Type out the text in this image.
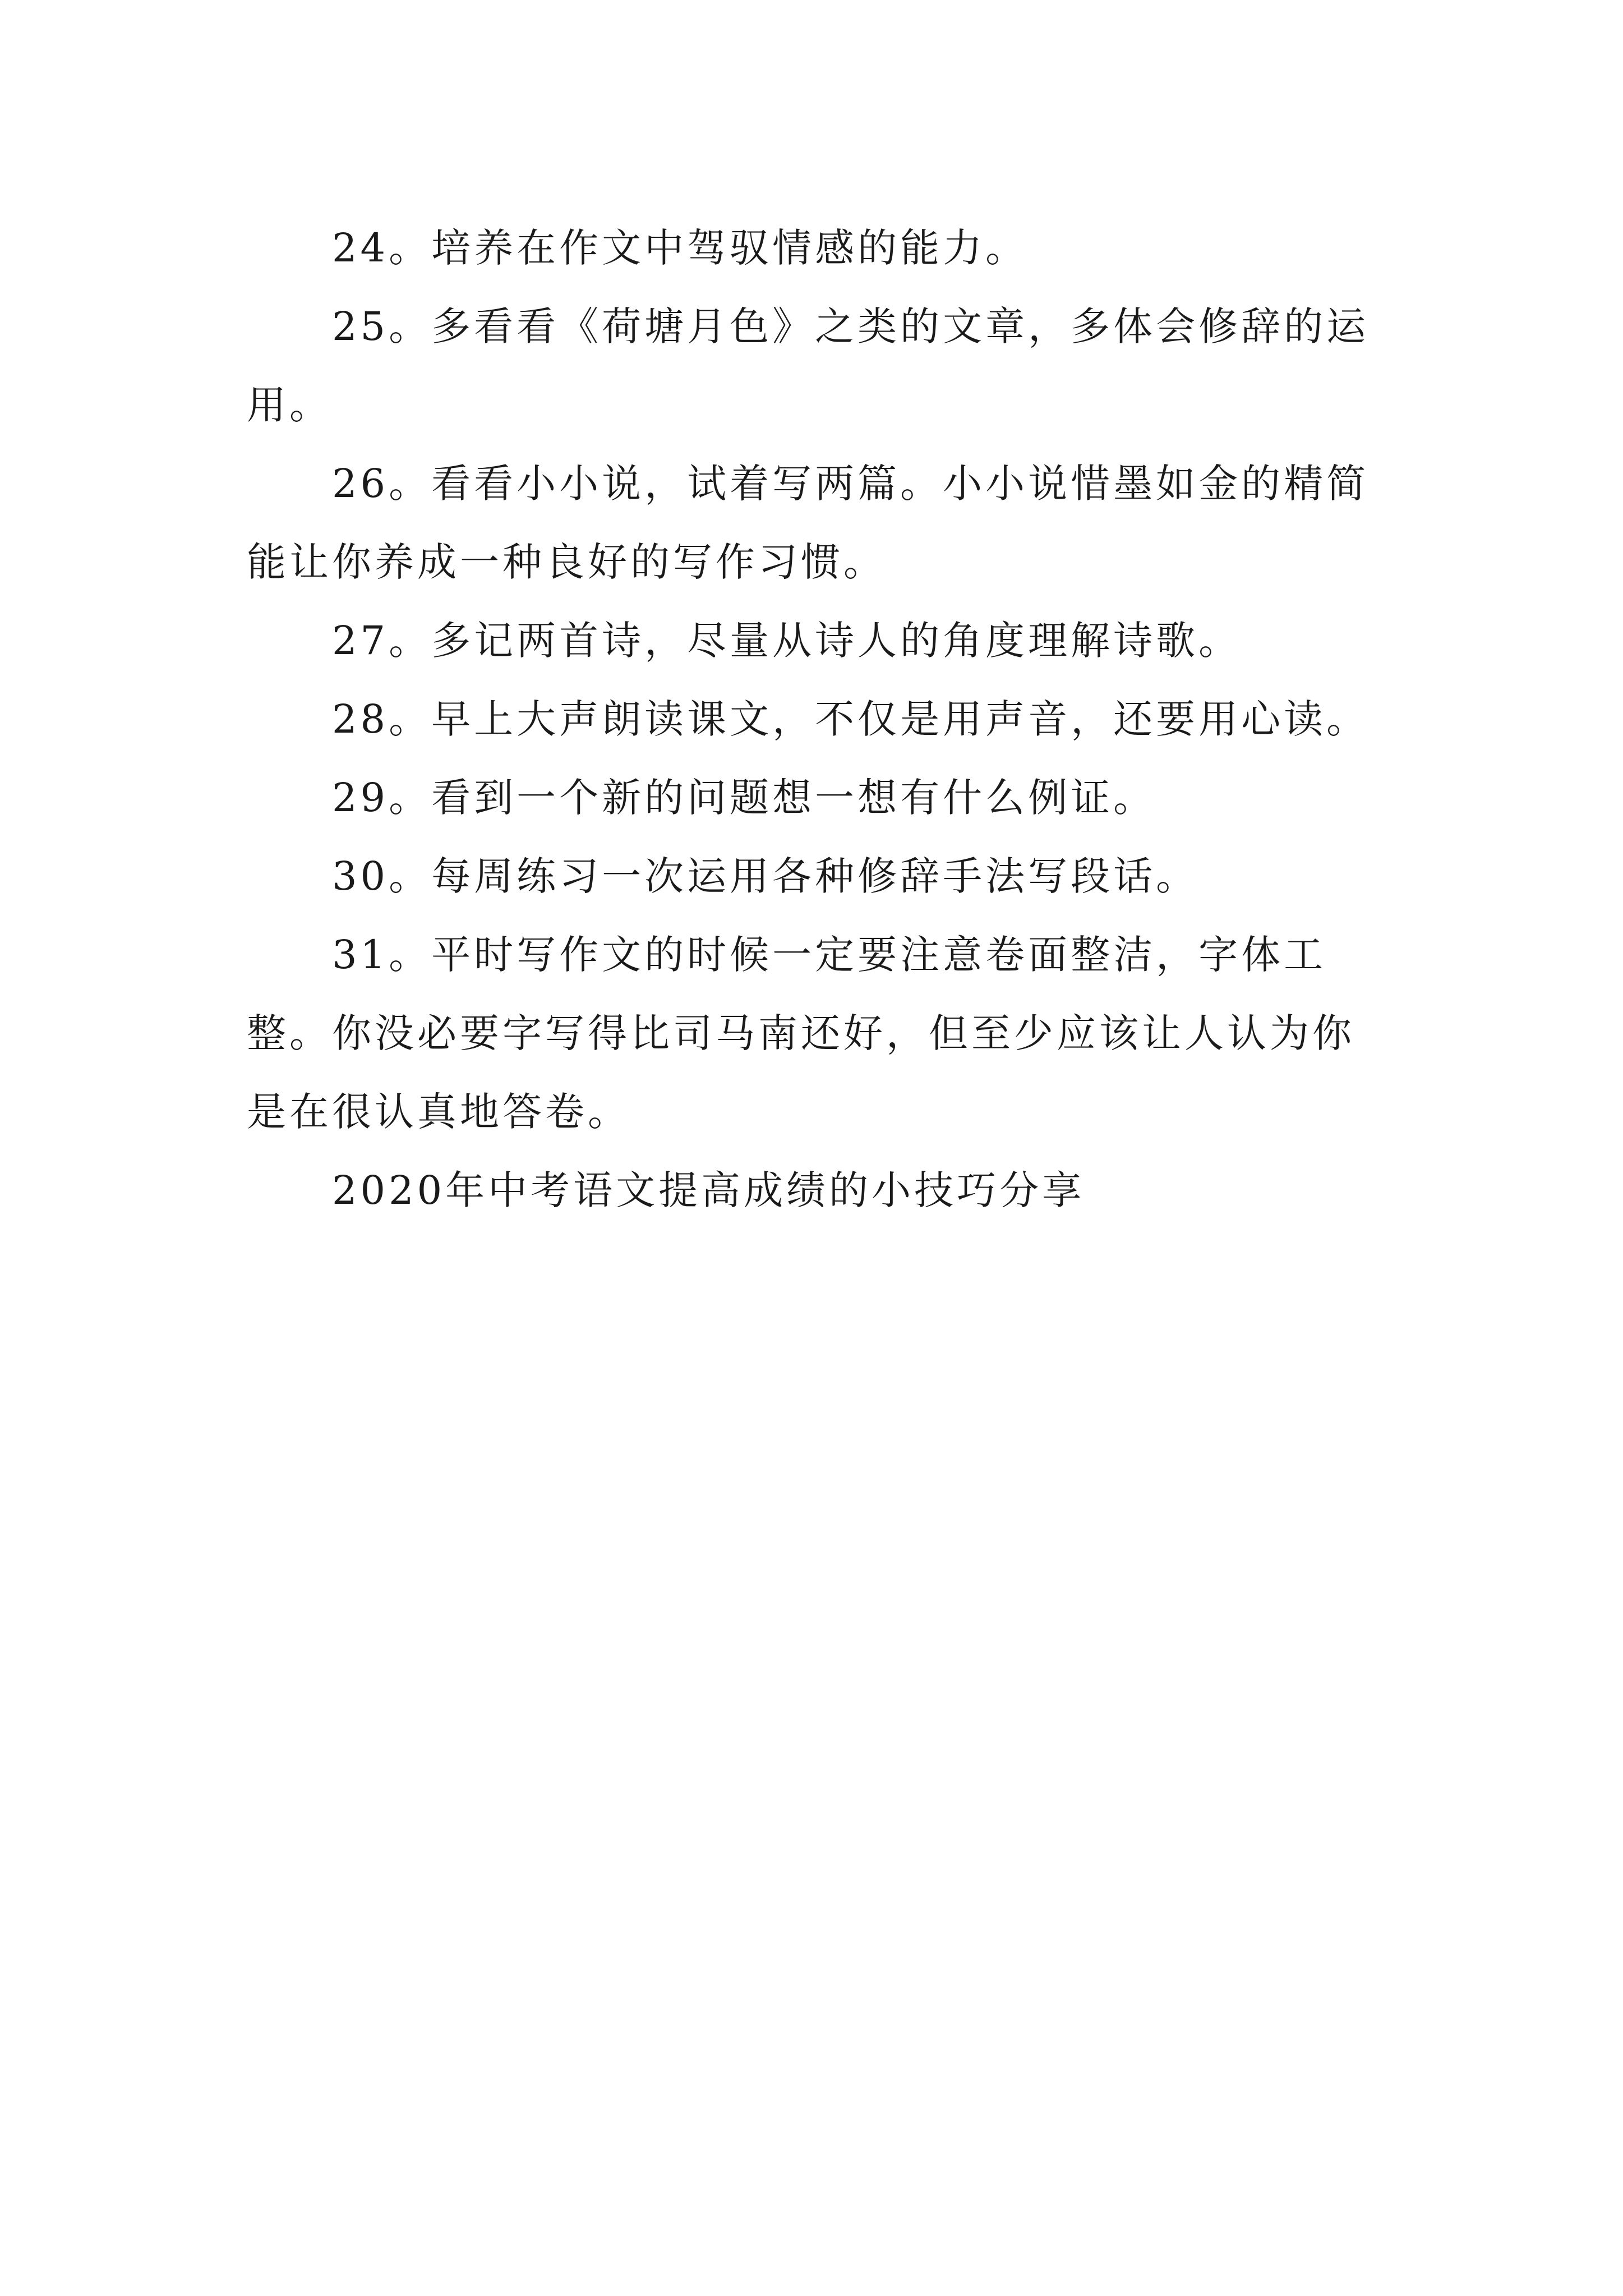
24。培养在作文中驾驭情感的能力。

25。多看看《荷塘月色》之类的文章，多体会修辞的运用。

26。看看小小说，试着写两篇。小小说惜墨如金的精简能让你养成一种良好的写作习惯。

27。多记两首诗，尽量从诗人的角度理解诗歌。

28。早上大声朗读课文，不仅是用声音，还要用心读。

29。看到一个新的问题想一想有什么例证。

30。每周练习一次运用各种修辞手法写段话。

31。平时写作文的时候一定要注意卷面整洁，字体工整。你没必要字写得比司马南还好，但至少应该让人认为你是在很认真地答卷。

2020年中考语文提高成绩的小技巧分享
